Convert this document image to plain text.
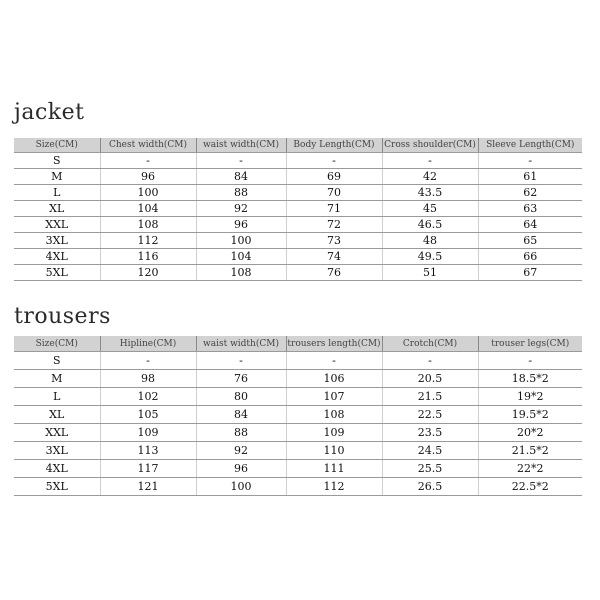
jacket
Size(CM)	Chest width(CM)	waist width(CM)	Body Length(CM)	Cross shoulder(CM)	Sleeve Length(CM)
S	-	-	-	-	-
M	96	84	69	42	61
L	100	88	70	43.5	62
XL	104	92	71	45	63
XXL	108	96	72	46.5	64
3XL	112	100	73	48	65
4XL	116	104	74	49.5	66
5XL	120	108	76	51	67
trousers
Size(CM)	Hipline(CM)	waist width(CM)	trousers length(CM)	Crotch(CM)	trouser legs(CM)
S	-	-	-	-	-
M	98	76	106	20.5	18.5*2
L	102	80	107	21.5	19*2
XL	105	84	108	22.5	19.5*2
XXL	109	88	109	23.5	20*2
3XL	113	92	110	24.5	21.5*2
4XL	117	96	111	25.5	22*2
5XL	121	100	112	26.5	22.5*2
